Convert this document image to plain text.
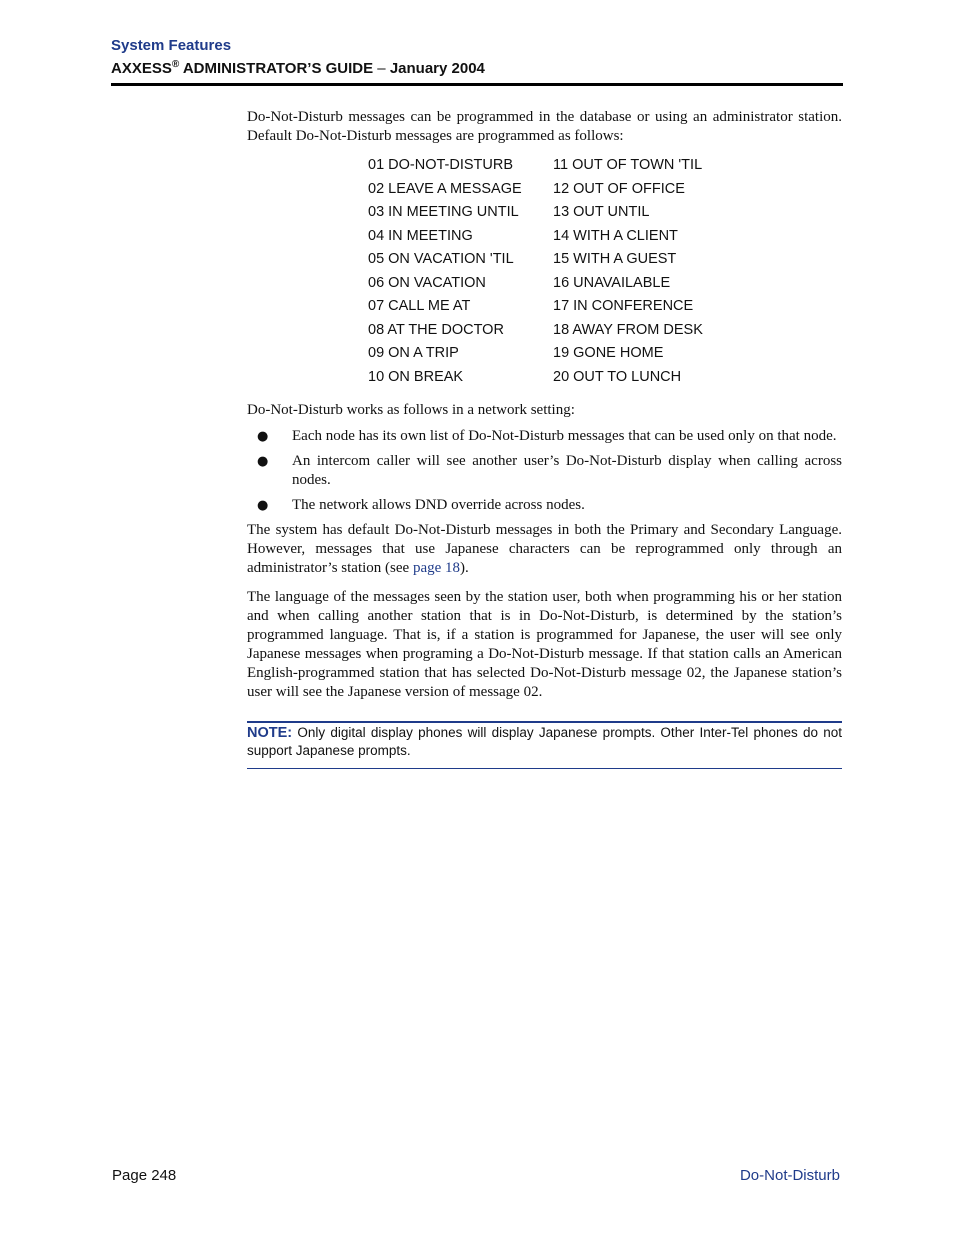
System Features
AXXESS® ADMINISTRATOR’S GUIDE – January 2004

Do-Not-Disturb messages can be programmed in the database or using an administrator station. Default Do-Not-Disturb messages are programmed as follows:

01 DO-NOT-DISTURB	11 OUT OF TOWN 'TIL
02 LEAVE A MESSAGE	12 OUT OF OFFICE
03 IN MEETING UNTIL	13 OUT UNTIL
04 IN MEETING	14 WITH A CLIENT
05 ON VACATION 'TIL	15 WITH A GUEST
06 ON VACATION	16 UNAVAILABLE
07 CALL ME AT	17 IN CONFERENCE
08 AT THE DOCTOR	18 AWAY FROM DESK
09 ON A TRIP	19 GONE HOME
10 ON BREAK	20 OUT TO LUNCH

Do-Not-Disturb works as follows in a network setting:

● Each node has its own list of Do-Not-Disturb messages that can be used only on that node.
● An intercom caller will see another user’s Do-Not-Disturb display when calling across nodes.
● The network allows DND override across nodes.

The system has default Do-Not-Disturb messages in both the Primary and Secondary Language. However, messages that use Japanese characters can be reprogrammed only through an administrator’s station (see page 18).

The language of the messages seen by the station user, both when programming his or her station and when calling another station that is in Do-Not-Disturb, is determined by the station’s programmed language. That is, if a station is programmed for Japanese, the user will see only Japanese messages when programing a Do-Not-Disturb message. If that station calls an American English-programmed station that has selected Do-Not-Disturb message 02, the Japanese station’s user will see the Japanese version of message 02.

NOTE: Only digital display phones will display Japanese prompts. Other Inter-Tel phones do not support Japanese prompts.
Page 248	Do-Not-Disturb
